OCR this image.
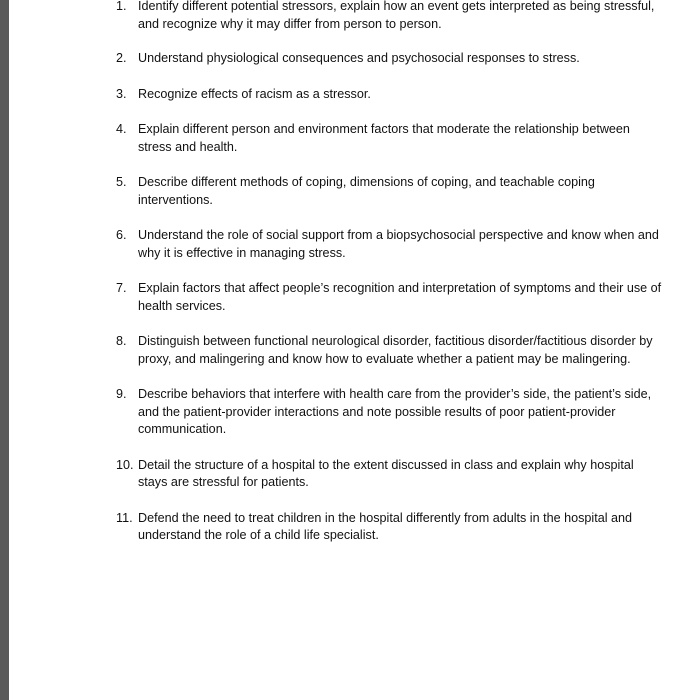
1. Identify different potential stressors, explain how an event gets interpreted as being stressful, and recognize why it may differ from person to person.
2. Understand physiological consequences and psychosocial responses to stress.
3. Recognize effects of racism as a stressor.
4. Explain different person and environment factors that moderate the relationship between stress and health.
5. Describe different methods of coping, dimensions of coping, and teachable coping interventions.
6. Understand the role of social support from a biopsychosocial perspective and know when and why it is effective in managing stress.
7. Explain factors that affect people’s recognition and interpretation of symptoms and their use of health services.
8. Distinguish between functional neurological disorder, factitious disorder/factitious disorder by proxy, and malingering and know how to evaluate whether a patient may be malingering.
9. Describe behaviors that interfere with health care from the provider’s side, the patient’s side, and the patient-provider interactions and note possible results of poor patient-provider communication.
10. Detail the structure of a hospital to the extent discussed in class and explain why hospital stays are stressful for patients.
11. Defend the need to treat children in the hospital differently from adults in the hospital and understand the role of a child life specialist.
